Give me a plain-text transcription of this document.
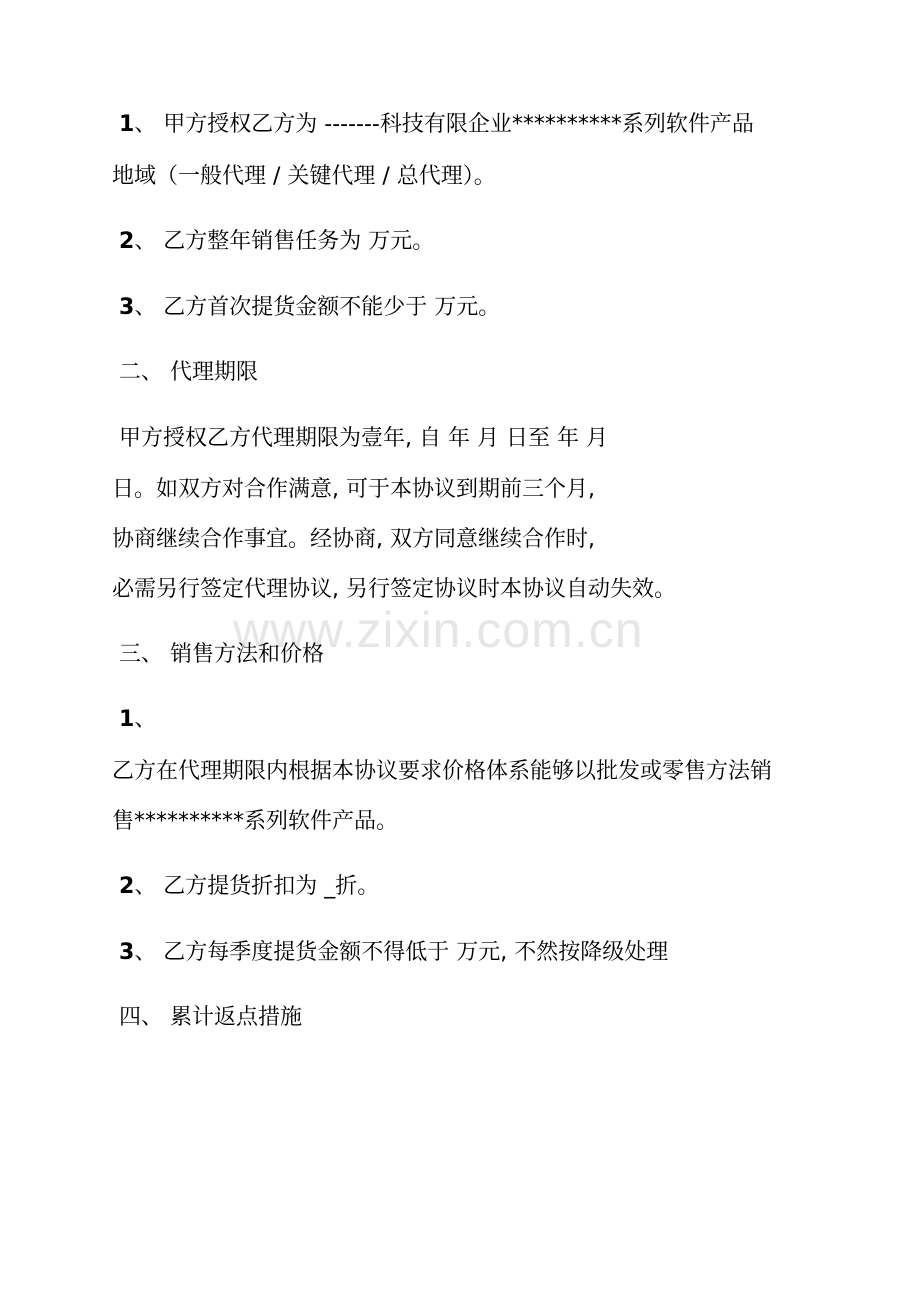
www.zixin.com.cn
1、 甲方授权乙方为 -------科技有限企业**********系列软件产品
地域（一般代理 / 关键代理 / 总代理）。
2、 乙方整年销售任务为 万元。
3、 乙方首次提货金额不能少于 万元。
二、 代理期限
甲方授权乙方代理期限为壹年, 自 年 月 日至 年 月
日。如双方对合作满意, 可于本协议到期前三个月,
协商继续合作事宜。经协商, 双方同意继续合作时,
必需另行签定代理协议, 另行签定协议时本协议自动失效。
三、 销售方法和价格
1、
乙方在代理期限内根据本协议要求价格体系能够以批发或零售方法销
售**********系列软件产品。
2、 乙方提货折扣为 _折。
3、 乙方每季度提货金额不得低于 万元, 不然按降级处理
四、 累计返点措施
